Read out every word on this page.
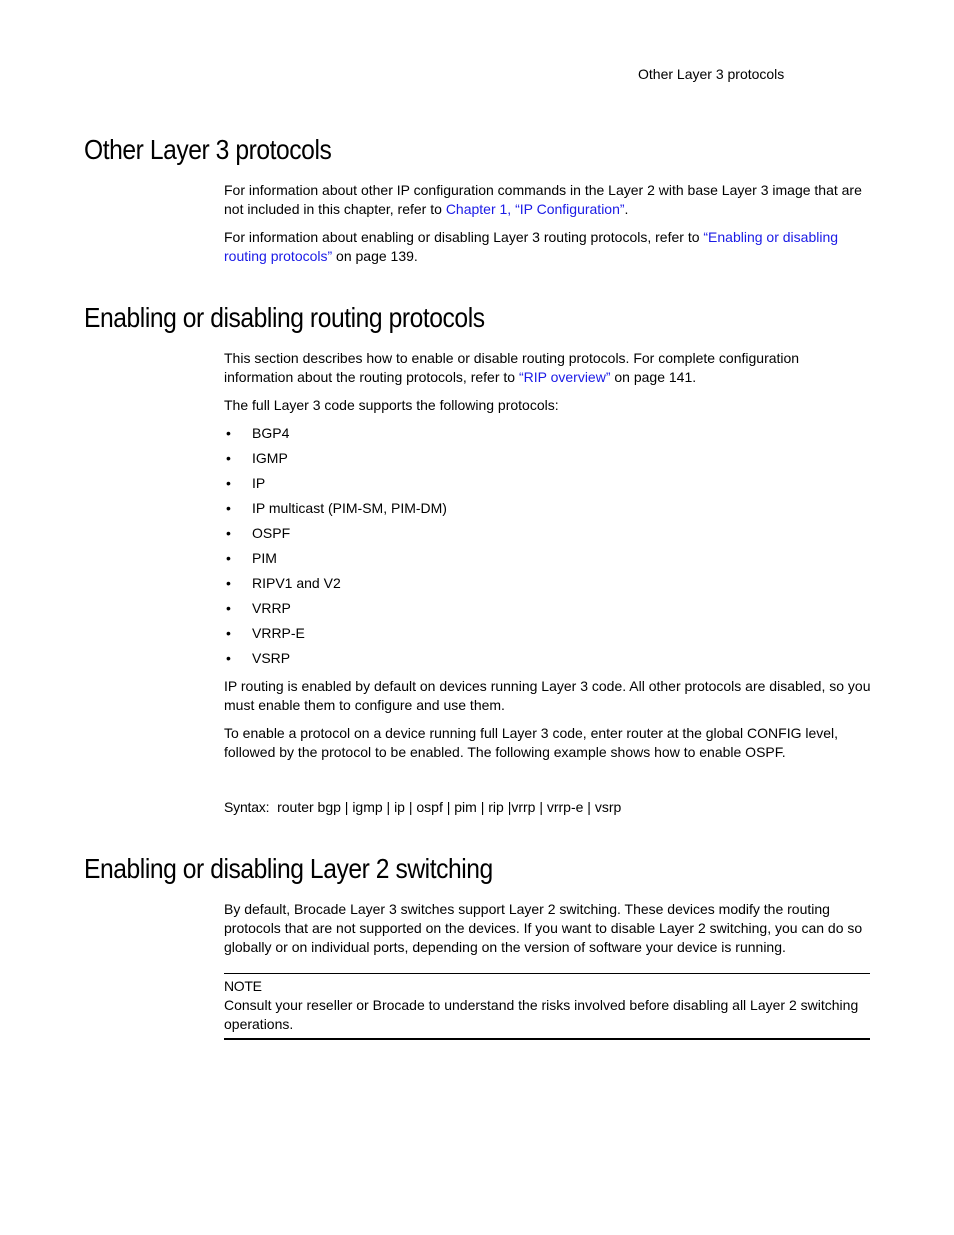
Other Layer 3 protocols
Other Layer 3 protocols

For information about other IP configuration commands in the Layer 2 with base Layer 3 image that are not included in this chapter, refer to Chapter 1, “IP Configuration”.

For information about enabling or disabling Layer 3 routing protocols, refer to “Enabling or disabling routing protocols” on page 139.

Enabling or disabling routing protocols

This section describes how to enable or disable routing protocols. For complete configuration information about the routing protocols, refer to “RIP overview” on page 141.

The full Layer 3 code supports the following protocols:

• BGP4
• IGMP
• IP
• IP multicast (PIM-SM, PIM-DM)
• OSPF
• PIM
• RIPV1 and V2
• VRRP
• VRRP-E
• VSRP

IP routing is enabled by default on devices running Layer 3 code. All other protocols are disabled, so you must enable them to configure and use them.

To enable a protocol on a device running full Layer 3 code, enter router at the global CONFIG level, followed by the protocol to be enabled. The following example shows how to enable OSPF.

Syntax: router bgp | igmp | ip | ospf | pim | rip |vrrp | vrrp-e | vsrp

Enabling or disabling Layer 2 switching

By default, Brocade Layer 3 switches support Layer 2 switching. These devices modify the routing protocols that are not supported on the devices. If you want to disable Layer 2 switching, you can do so globally or on individual ports, depending on the version of software your device is running.

NOTE
Consult your reseller or Brocade to understand the risks involved before disabling all Layer 2 switching operations.
